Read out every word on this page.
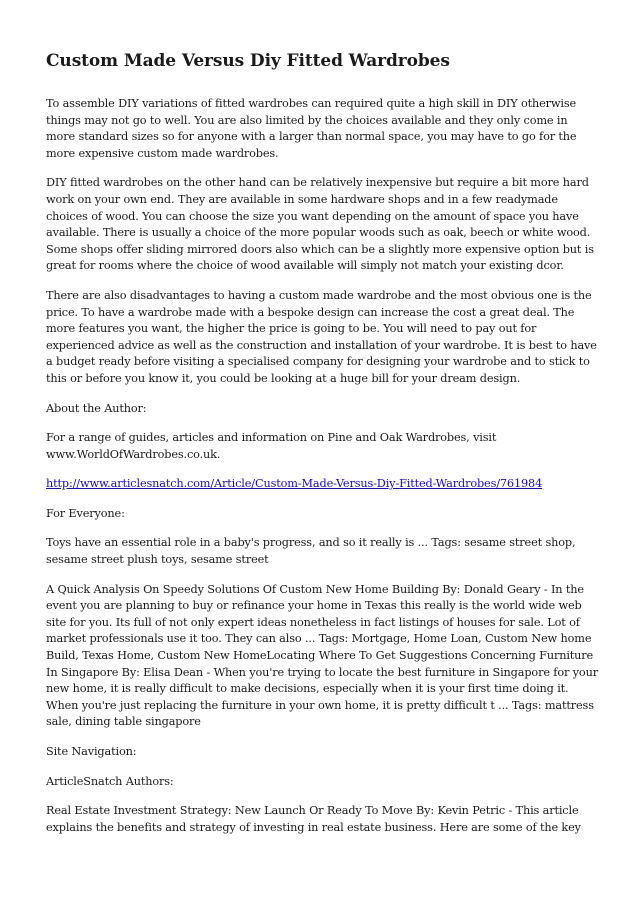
Custom Made Versus Diy Fitted Wardrobes

To assemble DIY variations of fitted wardrobes can required quite a high skill in DIY otherwise things may not go to well. You are also limited by the choices available and they only come in more standard sizes so for anyone with a larger than normal space, you may have to go for the more expensive custom made wardrobes.

DIY fitted wardrobes on the other hand can be relatively inexpensive but require a bit more hard work on your own end. They are available in some hardware shops and in a few readymade choices of wood. You can choose the size you want depending on the amount of space you have available. There is usually a choice of the more popular woods such as oak, beech or white wood. Some shops offer sliding mirrored doors also which can be a slightly more expensive option but is great for rooms where the choice of wood available will simply not match your existing dcor.

There are also disadvantages to having a custom made wardrobe and the most obvious one is the price. To have a wardrobe made with a bespoke design can increase the cost a great deal. The more features you want, the higher the price is going to be. You will need to pay out for experienced advice as well as the construction and installation of your wardrobe. It is best to have a budget ready before visiting a specialised company for designing your wardrobe and to stick to this or before you know it, you could be looking at a huge bill for your dream design.

About the Author:

For a range of guides, articles and information on Pine and Oak Wardrobes, visit www.WorldOfWardrobes.co.uk.

http://www.articlesnatch.com/Article/Custom-Made-Versus-Diy-Fitted-Wardrobes/761984

For Everyone:

Toys have an essential role in a baby's progress, and so it really is ... Tags: sesame street shop, sesame street plush toys, sesame street

A Quick Analysis On Speedy Solutions Of Custom New Home Building By: Donald Geary - In the event you are planning to buy or refinance your home in Texas this really is the world wide web site for you. Its full of not only expert ideas nonetheless in fact listings of houses for sale. Lot of market professionals use it too. They can also ... Tags: Mortgage, Home Loan, Custom New home Build, Texas Home, Custom New HomeLocating Where To Get Suggestions Concerning Furniture In Singapore By: Elisa Dean - When you're trying to locate the best furniture in Singapore for your new home, it is really difficult to make decisions, especially when it is your first time doing it. When you're just replacing the furniture in your own home, it is pretty difficult t ... Tags: mattress sale, dining table singapore

Site Navigation:

ArticleSnatch Authors:

Real Estate Investment Strategy: New Launch Or Ready To Move By: Kevin Petric - This article explains the benefits and strategy of investing in real estate business. Here are some of the key
